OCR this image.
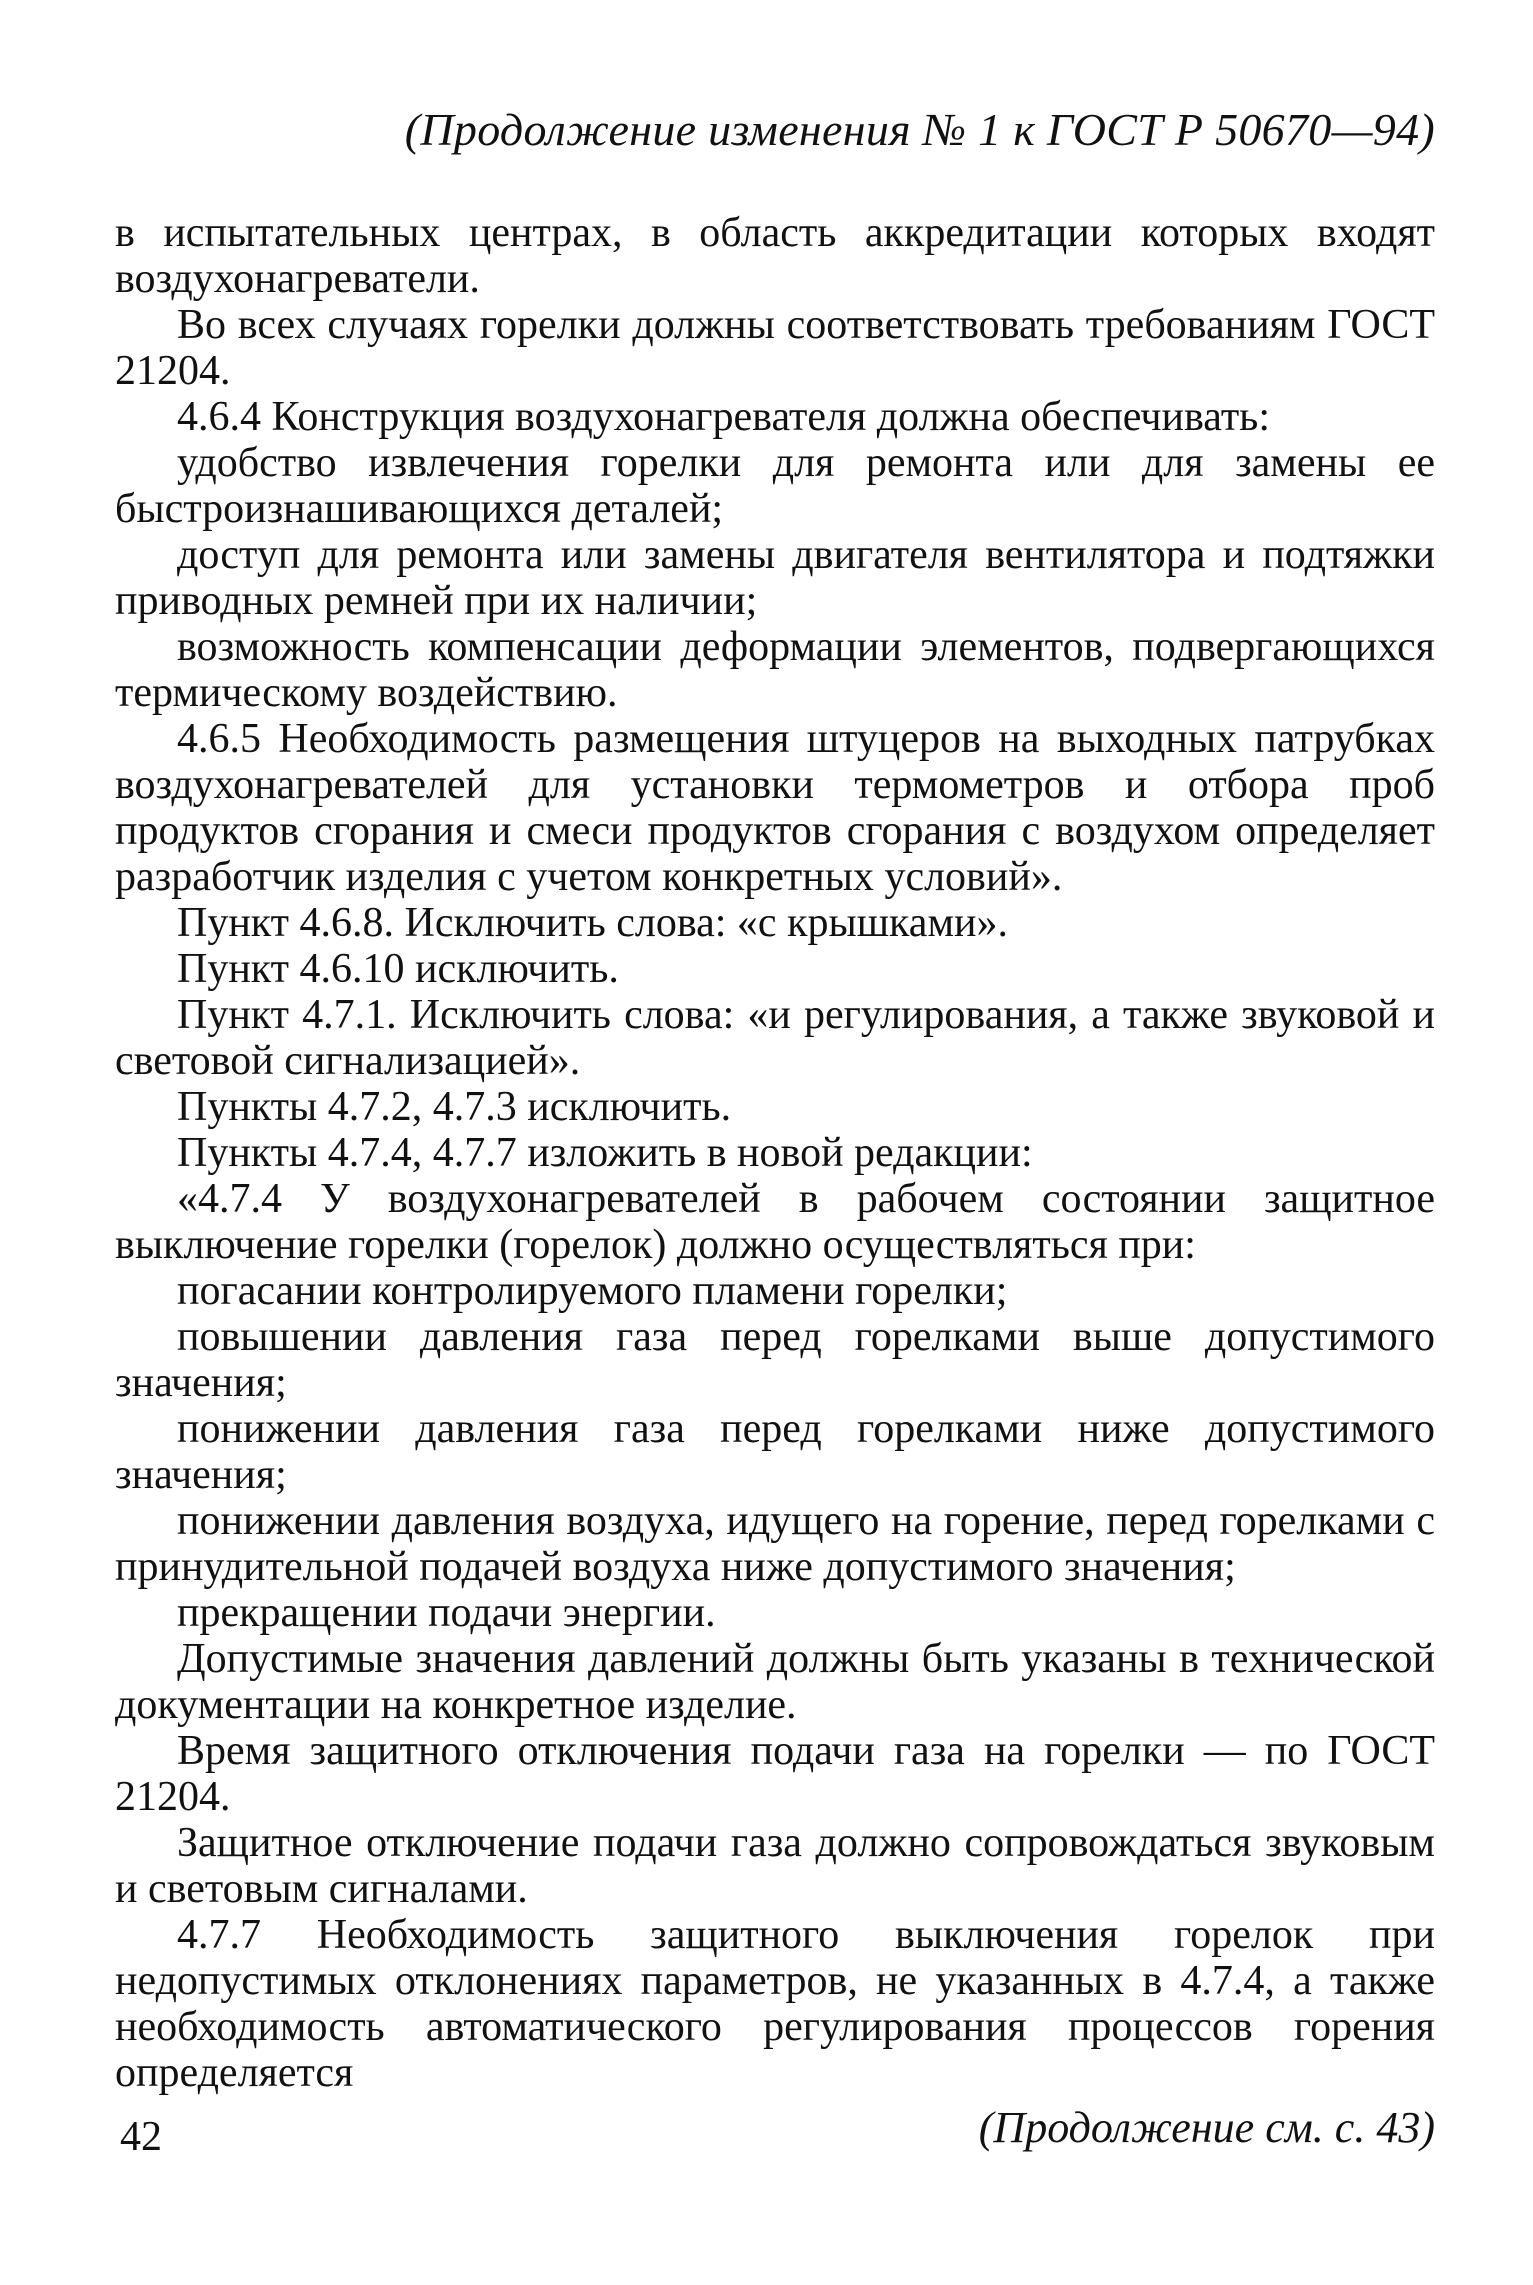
(Продолжение изменения № 1 к ГОСТ Р 50670—94)

в испытательных центрах, в область аккредитации которых входят воздухонагреватели.

Во всех случаях горелки должны соответствовать требованиям ГОСТ 21204.

4.6.4 Конструкция воздухонагревателя должна обеспечивать:

удобство извлечения горелки для ремонта или для замены ее быстроизнашивающихся деталей;

доступ для ремонта или замены двигателя вентилятора и подтяжки приводных ремней при их наличии;

возможность компенсации деформации элементов, подвергающихся термическому воздействию.

4.6.5 Необходимость размещения штуцеров на выходных патрубках воздухонагревателей для установки термометров и отбора проб продуктов сгорания и смеси продуктов сгорания с воздухом определяет разработчик изделия с учетом конкретных условий».

Пункт 4.6.8. Исключить слова: «с крышками».

Пункт 4.6.10 исключить.

Пункт 4.7.1. Исключить слова: «и регулирования, а также звуковой и световой сигнализацией».

Пункты 4.7.2, 4.7.3 исключить.

Пункты 4.7.4, 4.7.7 изложить в новой редакции:

«4.7.4 У воздухонагревателей в рабочем состоянии защитное выключение горелки (горелок) должно осуществляться при:

погасании контролируемого пламени горелки;

повышении давления газа перед горелками выше допустимого значения;

понижении давления газа перед горелками ниже допустимого значения;

понижении давления воздуха, идущего на горение, перед горелками с принудительной подачей воздуха ниже допустимого значения;

прекращении подачи энергии.

Допустимые значения давлений должны быть указаны в технической документации на конкретное изделие.

Время защитного отключения подачи газа на горелки — по ГОСТ 21204.

Защитное отключение подачи газа должно сопровождаться звуковым и световым сигналами.

4.7.7 Необходимость защитного выключения горелок при недопустимых отклонениях параметров, не указанных в 4.7.4, а также необходимость автоматического регулирования процессов горения определяется

(Продолжение см. с. 43)
42
